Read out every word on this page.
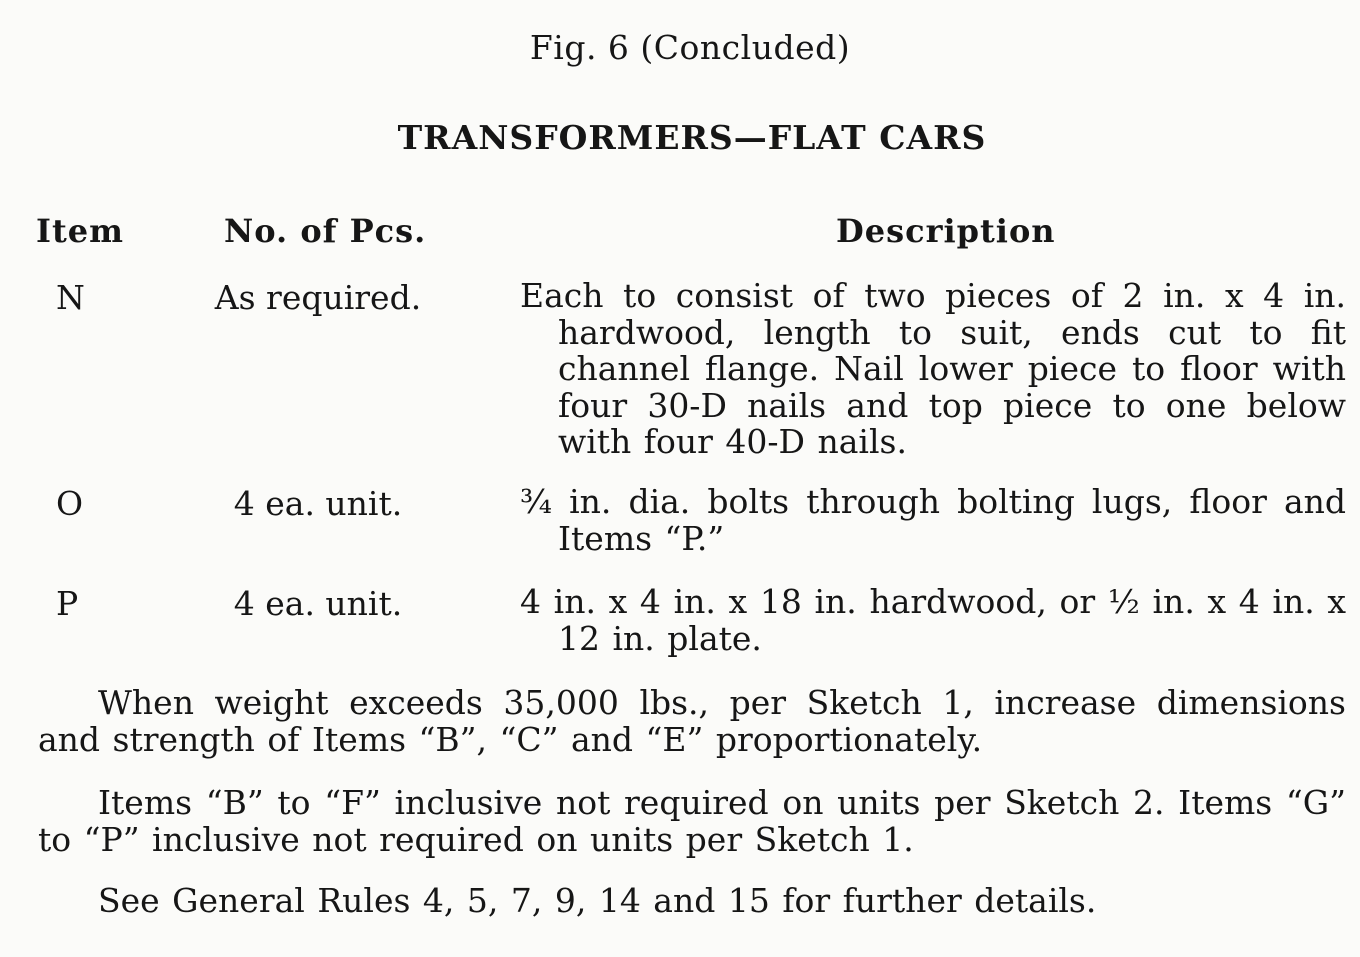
Fig. 6 (Concluded)
TRANSFORMERS—FLAT CARS
Item	No. of Pcs.	Description
N	As required.	Each to consist of two pieces of 2 in. x 4 in. hardwood, length to suit, ends cut to fit channel flange. Nail lower piece to floor with four 30-D nails and top piece to one below with four 40-D nails.
O	4 ea. unit.	¾ in. dia. bolts through bolting lugs, floor and Items “P.”
P	4 ea. unit.	4 in. x 4 in. x 18 in. hardwood, or ½ in. x 4 in. x 12 in. plate.
When weight exceeds 35,000 lbs., per Sketch 1, increase dimensions and strength of Items “B”, “C” and “E” proportionately.
Items “B” to “F” inclusive not required on units per Sketch 2. Items “G” to “P” inclusive not required on units per Sketch 1.
See General Rules 4, 5, 7, 9, 14 and 15 for further details.
